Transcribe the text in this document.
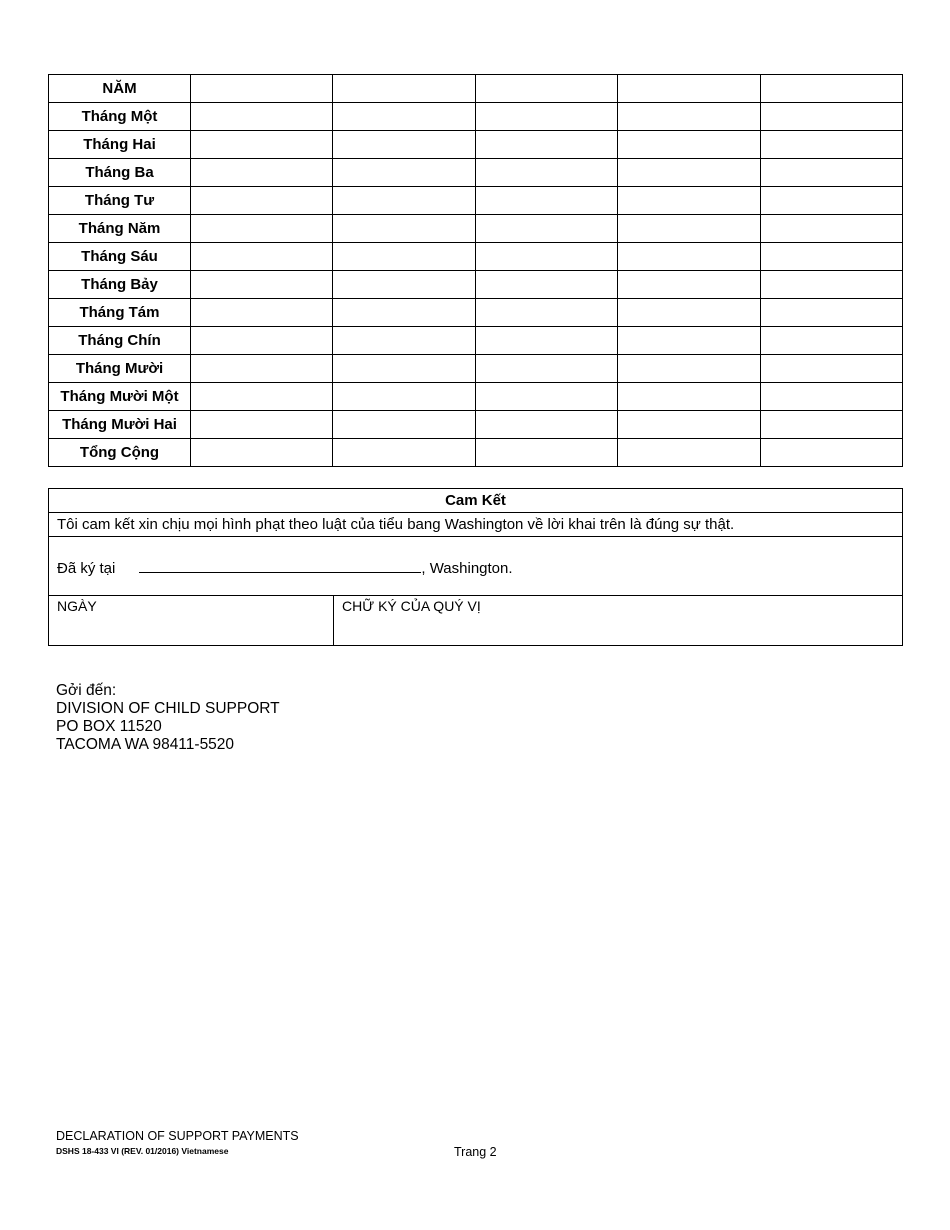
NĂM					
Tháng Một					
Tháng Hai					
Tháng Ba					
Tháng Tư					
Tháng Năm					
Tháng Sáu					
Tháng Bảy					
Tháng Tám					
Tháng Chín					
Tháng Mười					
Tháng Mười Một					
Tháng Mười Hai					
Tổng Cộng					
Cam Kết
Tôi cam kết xin chịu mọi hình phạt theo luật của tiểu bang Washington về lời khai trên là đúng sự thật.
Đã ký tại	, Washington.
NGÀY	CHỮ KÝ CỦA QUÝ VỊ
Gởi đến:
DIVISION OF CHILD SUPPORT
PO BOX 11520
TACOMA WA 98411-5520
DECLARATION OF SUPPORT PAYMENTS
DSHS 18-433 VI (REV. 01/2016) Vietnamese	Trang 2
